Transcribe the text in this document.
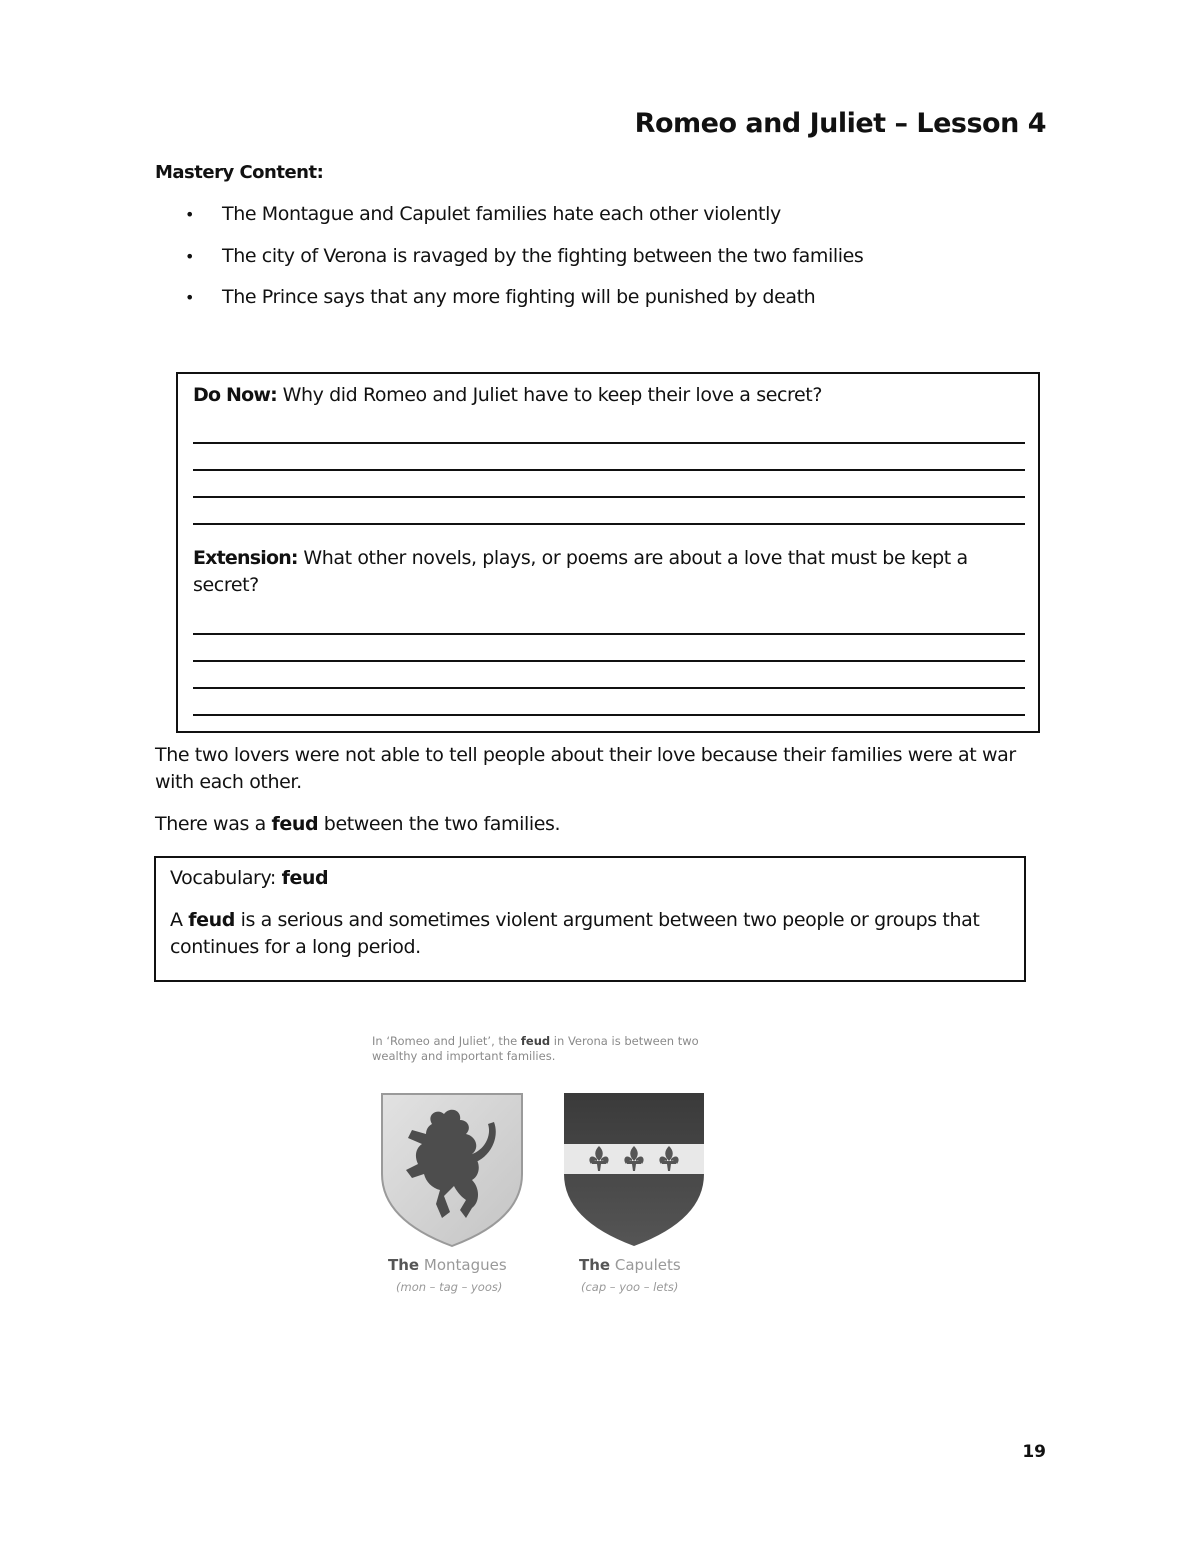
Romeo and Juliet – Lesson 4
Mastery Content:
• The Montague and Capulet families hate each other violently
• The city of Verona is ravaged by the fighting between the two families
• The Prince says that any more fighting will be punished by death
Do Now: Why did Romeo and Juliet have to keep their love a secret?
Extension: What other novels, plays, or poems are about a love that must be kept a secret?
The two lovers were not able to tell people about their love because their families were at war with each other.
There was a feud between the two families.
Vocabulary: feud
A feud is a serious and sometimes violent argument between two people or groups that continues for a long period.
In ‘Romeo and Juliet’, the feud in Verona is between two wealthy and important families.
The Montagues
(mon – tag – yoos)
The Capulets
(cap – yoo – lets)
19
